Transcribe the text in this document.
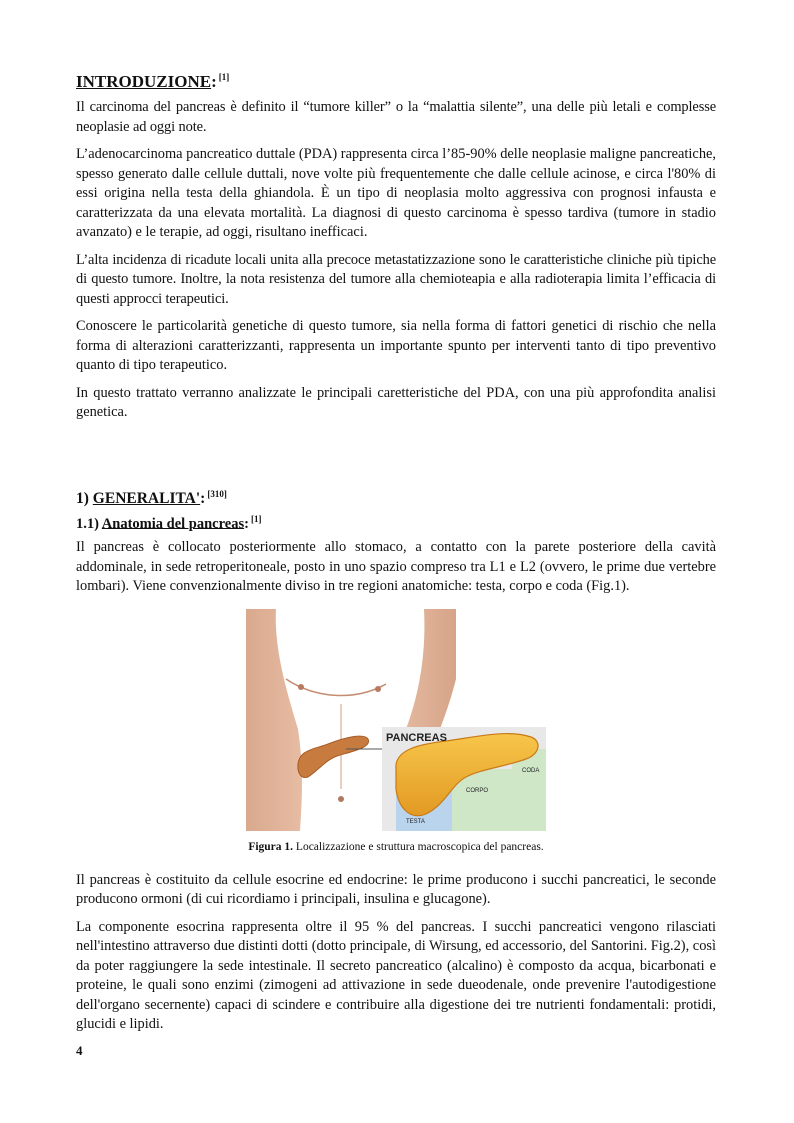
INTRODUZIONE: [1]

Il carcinoma del pancreas è definito il “tumore killer” o la “malattia silente”, una delle più letali e complesse neoplasie ad oggi note.

L’adenocarcinoma pancreatico duttale (PDA) rappresenta circa l’85-90% delle neoplasie maligne pancreatiche, spesso generato dalle cellule duttali, nove volte più frequentemente che dalle cellule acinose, e circa l'80% di essi origina nella testa della ghiandola. È un tipo di neoplasia molto aggressiva con prognosi infausta e caratterizzata da una elevata mortalità. La diagnosi di questo carcinoma è spesso tardiva (tumore in stadio avanzato) e le terapie, ad oggi, risultano inefficaci.

L’alta incidenza di ricadute locali unita alla precoce metastatizzazione sono le caratteristiche cliniche più tipiche di questo tumore. Inoltre, la nota resistenza del tumore alla chemioteapia e alla radioterapia limita l’efficacia di questi approcci terapeutici.

Conoscere le particolarità genetiche di questo tumore, sia nella forma di fattori genetici di rischio che nella forma di alterazioni caratterizzanti, rappresenta un importante spunto per interventi tanto di tipo preventivo quanto di tipo terapeutico.

In questo trattato verranno analizzate le principali caretteristiche del PDA, con una più approfondita analisi genetica.

1) GENERALITA': [310]
1.1) Anatomia del pancreas: [1]

Il pancreas è collocato posteriormente allo stomaco, a contatto con la parete posteriore della cavità addominale, in sede retroperitoneale, posto in uno spazio compreso tra L1 e L2 (ovvero, le prime due vertebre lombari). Viene convenzionalmente diviso in tre regioni anatomiche: testa, corpo e coda (Fig.1).

PANCREAS
CODA
CORPO
TESTA
Figura 1. Localizzazione e struttura macroscopica del pancreas.

Il pancreas è costituito da cellule esocrine ed endocrine: le prime producono i succhi pancreatici, le seconde producono ormoni (di cui ricordiamo i principali, insulina e glucagone).

La componente esocrina rappresenta oltre il 95 % del pancreas. I succhi pancreatici vengono rilasciati nell'intestino attraverso due distinti dotti (dotto principale, di Wirsung, ed accessorio, del Santorini. Fig.2), così da poter raggiungere la sede intestinale. Il secreto pancreatico (alcalino) è composto da acqua, bicarbonati e proteine, le quali sono enzimi (zimogeni ad attivazione in sede dueodenale, onde prevenire l'autodigestione dell'organo secernente) capaci di scindere e contribuire alla digestione dei tre nutrienti fondamentali: protidi, glucidi e lipidi.

4
